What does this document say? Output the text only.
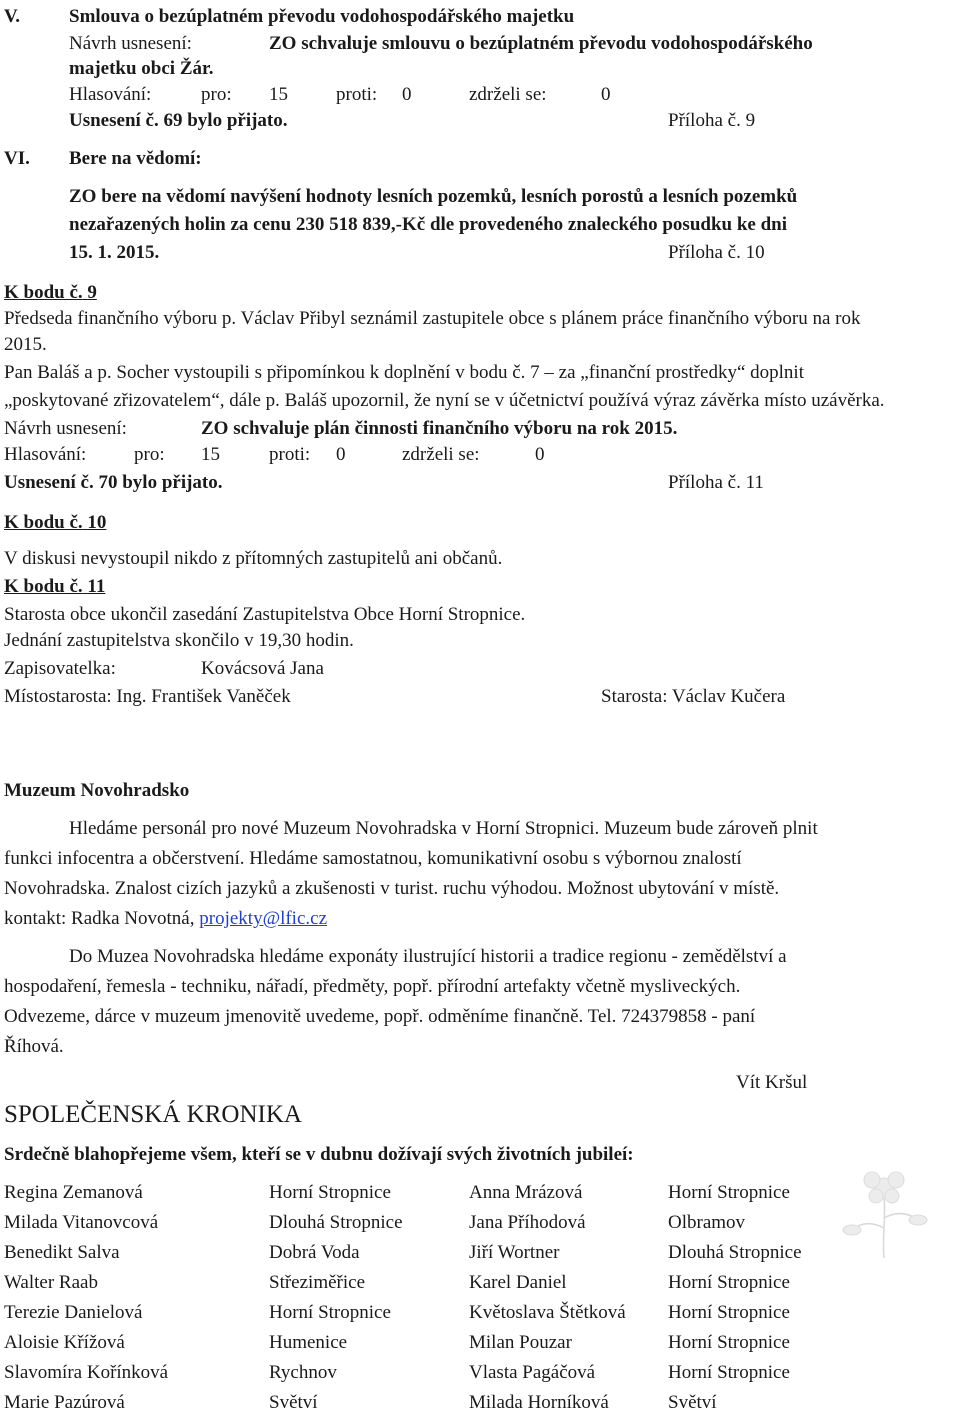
V.	Smlouva o bezúplatném převodu vodohospodářského majetku
Návrh usnesení:	ZO schvaluje smlouvu o bezúplatném převodu vodohospodářského
majetku obci Žár.
Hlasování:	pro: 15	proti: 0	zdrželi se:	0
Usnesení č. 69 bylo přijato.	Příloha č. 9
VI. Bere na vědomí:
ZO bere na vědomí navýšení hodnoty lesních pozemků, lesních porostů a lesních pozemků
nezařazených holin za cenu 230 518 839,-Kč dle provedeného znaleckého posudku ke dni
15. 1. 2015.	Příloha č. 10
K bodu č. 9
Předseda finančního výboru p. Václav Přibyl seznámil zastupitele obce s plánem práce finančního výboru na rok
2015.
Pan Baláš a p. Socher vystoupili s připomínkou k doplnění v bodu č. 7 – za „finanční prostředky“ doplnit
„poskytované zřizovatelem“, dále p. Baláš upozornil, že nyní se v účetnictví používá výraz závěrka místo uzávěrka.
Návrh usnesení:	ZO schvaluje plán činnosti finančního výboru na rok 2015.
Hlasování:	pro: 15	proti: 0	zdrželi se:	0
Usnesení č. 70 bylo přijato.	Příloha č. 11
K bodu č. 10
V diskusi nevystoupil nikdo z přítomných zastupitelů ani občanů.
K bodu č. 11
Starosta obce ukončil zasedání Zastupitelstva Obce Horní Stropnice.
Jednání zastupitelstva skončilo v 19,30 hodin.
Zapisovatelka:	Kovácsová Jana
Místostarosta: Ing. František Vaněček	Starosta: Václav Kučera
Muzeum Novohradsko
Hledáme personál pro nové Muzeum Novohradska v Horní Stropnici. Muzeum bude zároveň plnit
funkci infocentra a občerstvení. Hledáme samostatnou, komunikativní osobu s výbornou znalostí
Novohradska. Znalost cizích jazyků a zkušenosti v turist. ruchu výhodou. Možnost ubytování v místě.
kontakt: Radka Novotná, projekty@lfic.cz
Do Muzea Novohradska hledáme exponáty ilustrující historii a tradice regionu - zemědělství a
hospodaření, řemesla - techniku, nářadí, předměty, popř. přírodní artefakty včetně mysliveckých.
Odvezeme, dárce v muzeum jmenovitě uvedeme, popř. odměníme finančně. Tel. 724379858 - paní
Říhová.
Vít Kršul
SPOLEČENSKÁ KRONIKA
Srdečně blahopřejeme všem, kteří se v dubnu dožívají svých životních jubileí:
Regina Zemanová	Horní Stropnice	Anna Mrázová	Horní Stropnice
Milada Vitanovcová	Dlouhá Stropnice	Jana Příhodová	Olbramov
Benedikt Salva	Dobrá Voda	Jiří Wortner	Dlouhá Stropnice
Walter Raab	Střeziměřice	Karel Daniel	Horní Stropnice
Terezie Danielová	Horní Stropnice	Květoslava Štětková Horní Stropnice
Aloisie Křížová	Humenice	Milan Pouzar	Horní Stropnice
Slavomíra Kořínková	Rychnov	Vlasta Pagáčová	Horní Stropnice
Marie Pazúrová	Světví	Milada Horníková	Světví
